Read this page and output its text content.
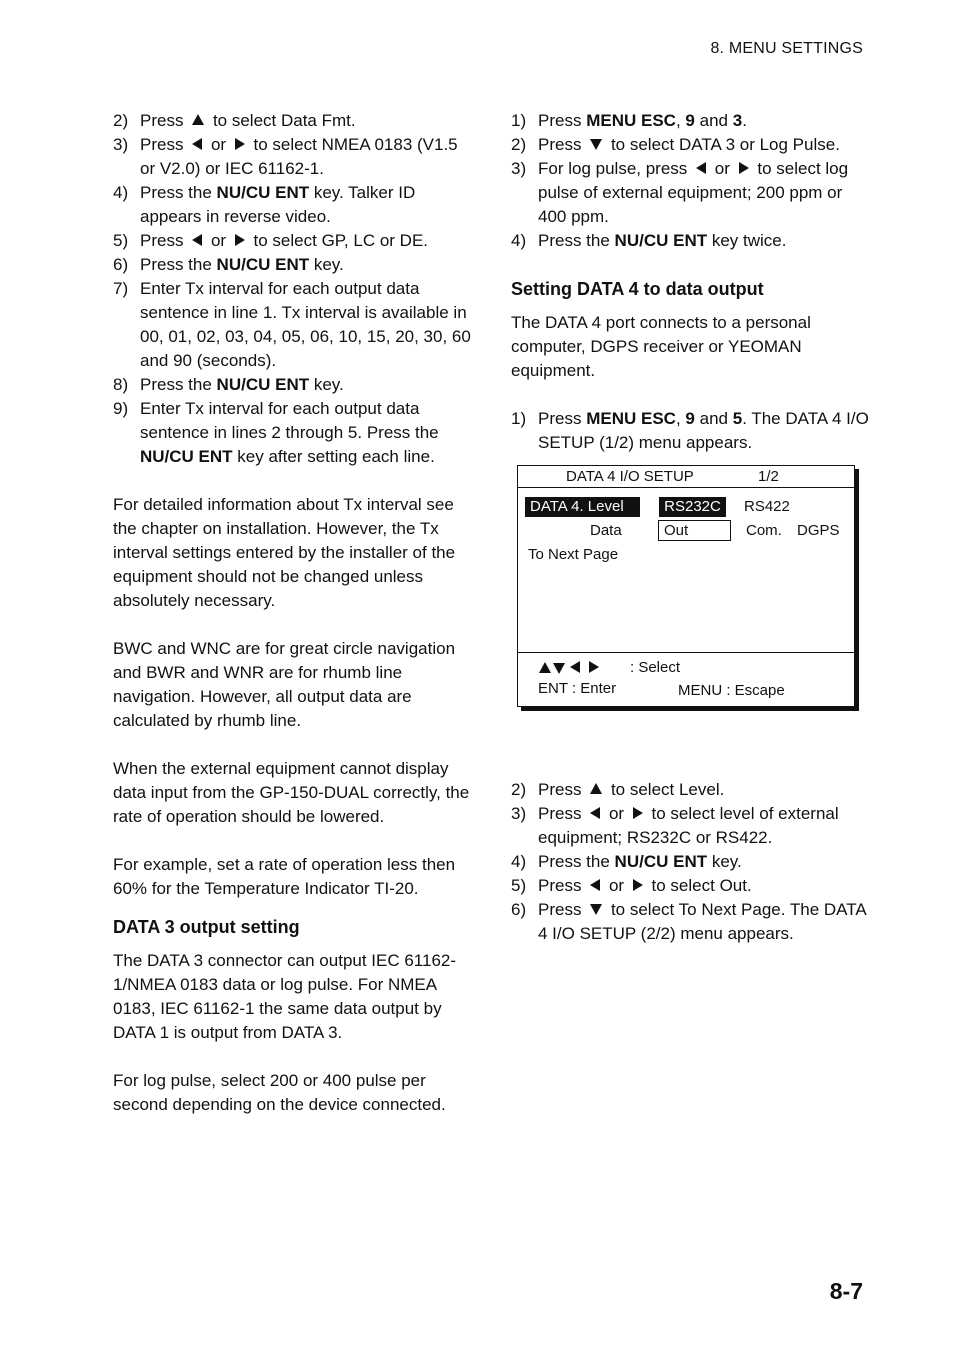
8. MENU SETTINGS
2) Press to select Data Fmt.
3) Press or to select NMEA 0183 (V1.5 or V2.0) or IEC 61162-1.
4) Press the NU/CU ENT key. Talker ID appears in reverse video.
5) Press or to select GP, LC or DE.
6) Press the NU/CU ENT key.
7) Enter Tx interval for each output data sentence in line 1. Tx interval is available in 00, 01, 02, 03, 04, 05, 06, 10, 15, 20, 30, 60 and 90 (seconds).
8) Press the NU/CU ENT key.
9) Enter Tx interval for each output data sentence in lines 2 through 5. Press the NU/CU ENT key after setting each line.

For detailed information about Tx interval see the chapter on installation. However, the Tx interval settings entered by the installer of the equipment should not be changed unless absolutely necessary.

BWC and WNC are for great circle navigation and BWR and WNR are for rhumb line navigation. However, all output data are calculated by rhumb line.

When the external equipment cannot display data input from the GP-150-DUAL correctly, the rate of operation should be lowered.

For example, set a rate of operation less then 60% for the Temperature Indicator TI-20.

DATA 3 output setting

The DATA 3 connector can output IEC 61162-1/NMEA 0183 data or log pulse. For NMEA 0183, IEC 61162-1 the same data output by DATA 1 is output from DATA 3.

For log pulse, select 200 or 400 pulse per second depending on the device connected.

1) Press MENU ESC, 9 and 3.
2) Press to select DATA 3 or Log Pulse.
3) For log pulse, press or to select log pulse of external equipment; 200 ppm or 400 ppm.
4) Press the NU/CU ENT key twice.
Setting DATA 4 to data output

The DATA 4 port connects to a personal computer, DGPS receiver or YEOMAN equipment.

1) Press MENU ESC, 9 and 5. The DATA 4 I/O SETUP (1/2) menu appears.
2) Press to select Level.
3) Press or to select level of external equipment; RS232C or RS422.
4) Press the NU/CU ENT key.
5) Press or to select Out.
6) Press to select To Next Page. The DATA 4 I/O SETUP (2/2) menu appears.
DATA 4 I/O SETUP	1/2
DATA 4. Level	RS232C	RS422
Data	Out	Com. DGPS
To Next Page
: Select
ENT : Enter	MENU : Escape
8-7
